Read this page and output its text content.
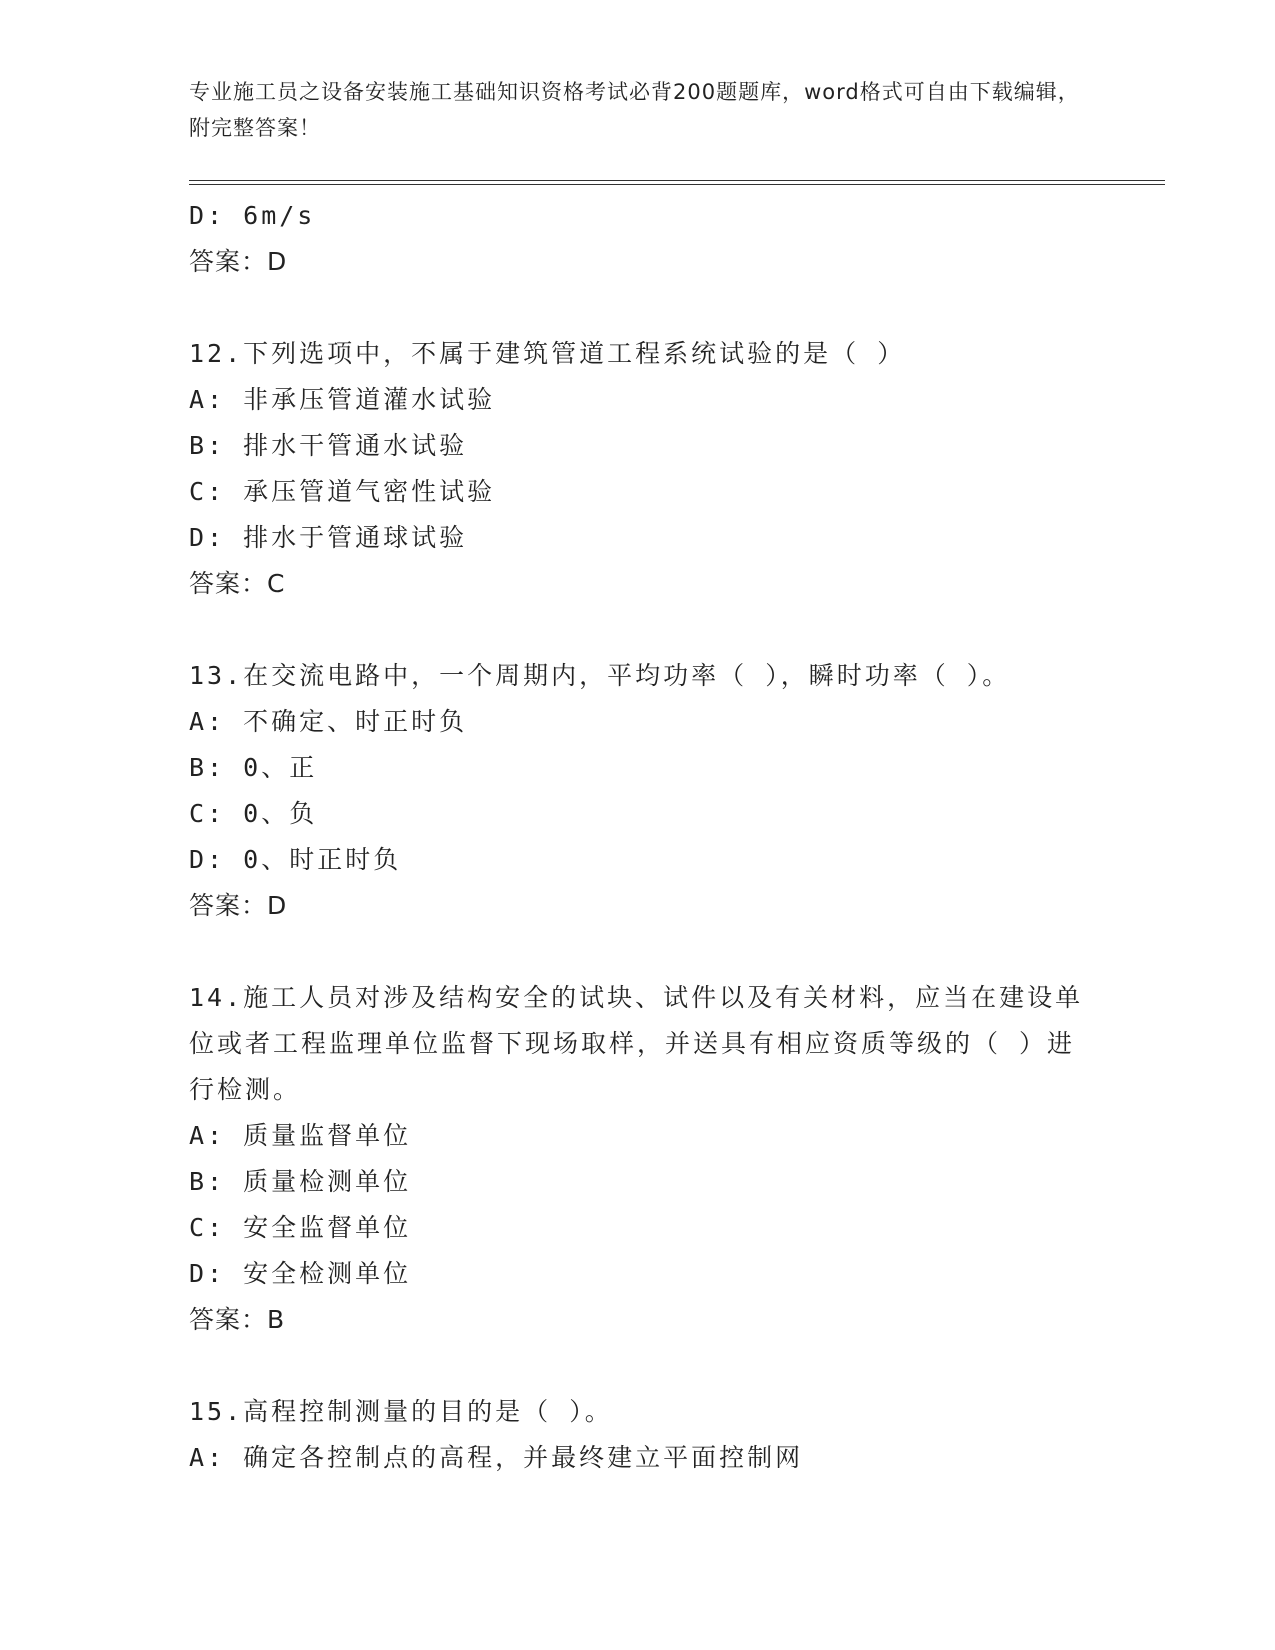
专业施工员之设备安装施工基础知识资格考试必背200题题库，word格式可自由下载编辑，附完整答案！
D: 6m/s
答案：D
12.下列选项中，不属于建筑管道工程系统试验的是（ ）
A: 非承压管道灌水试验
B: 排水干管通水试验
C: 承压管道气密性试验
D: 排水于管通球试验
答案：C
13.在交流电路中，一个周期内，平均功率（ ），瞬时功率（ ）。
A: 不确定、时正时负
B: 0、正
C: 0、负
D: 0、时正时负
答案：D
14.施工人员对涉及结构安全的试块、试件以及有关材料，应当在建设单位或者工程监理单位监督下现场取样，并送具有相应资质等级的（ ）进行检测。
A: 质量监督单位
B: 质量检测单位
C: 安全监督单位
D: 安全检测单位
答案：B
15.高程控制测量的目的是（ ）。
A: 确定各控制点的高程，并最终建立平面控制网
